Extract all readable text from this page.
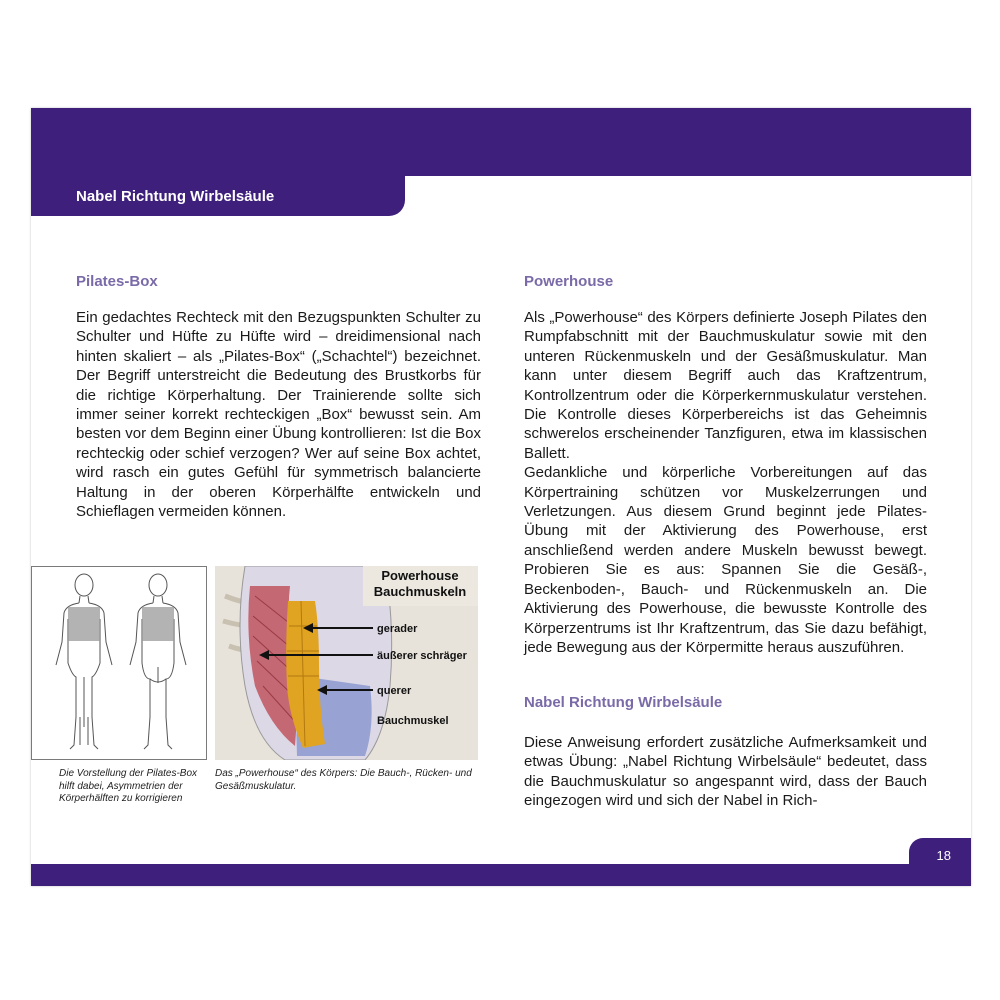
Nabel Richtung Wirbelsäule
Pilates-Box

Ein gedachtes Rechteck mit den Bezugspunkten Schulter zu Schulter und Hüfte zu Hüfte wird – dreidimensional nach hinten skaliert – als „Pilates-Box“ („Schachtel“) bezeichnet. Der Begriff unterstreicht die Bedeutung des Brustkorbs für die richtige Körperhaltung. Der Trainierende sollte sich immer seiner korrekt rechteckigen „Box“ bewusst sein. Am besten vor dem Beginn einer Übung kontrollieren: Ist die Box rechteckig oder schief verzogen? Wer auf seine Box achtet, wird rasch ein gutes Gefühl für symmetrisch balancierte Haltung in der oberen Körperhälfte entwickeln und Schieflagen vermeiden können.

Powerhouse
Bauchmuskeln
gerader
äußerer schräger
querer
Bauchmuskel

Die Vorstellung der Pilates-Box hilft dabei, Asymmetrien der Körperhälften zu korrigieren

Das „Powerhouse“ des Körpers: Die Bauch-, Rücken- und Gesäßmuskulatur.

Powerhouse

Als „Powerhouse“ des Körpers definierte Joseph Pilates den Rumpfabschnitt mit der Bauchmuskulatur sowie mit den unteren Rückenmuskeln und der Gesäßmuskulatur. Man kann unter diesem Begriff auch das Kraftzentrum, Kontrollzentrum oder die Körperkernmuskulatur verstehen. Die Kontrolle dieses Körperbereichs ist das Geheimnis schwerelos erscheinender Tanzfiguren, etwa im klassischen Ballett.

Gedankliche und körperliche Vorbereitungen auf das Körpertraining schützen vor Muskelzerrungen und Verletzungen. Aus diesem Grund beginnt jede Pilates-Übung mit der Aktivierung des Powerhouse, erst anschließend werden andere Muskeln bewusst bewegt. Probieren Sie es aus: Spannen Sie die Gesäß-, Beckenboden-, Bauch- und Rückenmuskeln an. Die Aktivierung des Powerhouse, die bewusste Kontrolle des Körperzentrums ist Ihr Kraftzentrum, das Sie dazu befähigt, jede Bewegung aus der Körpermitte heraus auszuführen.

Nabel Richtung Wirbelsäule

Diese Anweisung erfordert zusätzliche Aufmerksamkeit und etwas Übung: „Nabel Richtung Wirbelsäule“ bedeutet, dass die Bauchmuskulatur so angespannt wird, dass der Bauch eingezogen wird und sich der Nabel in Rich-

18
